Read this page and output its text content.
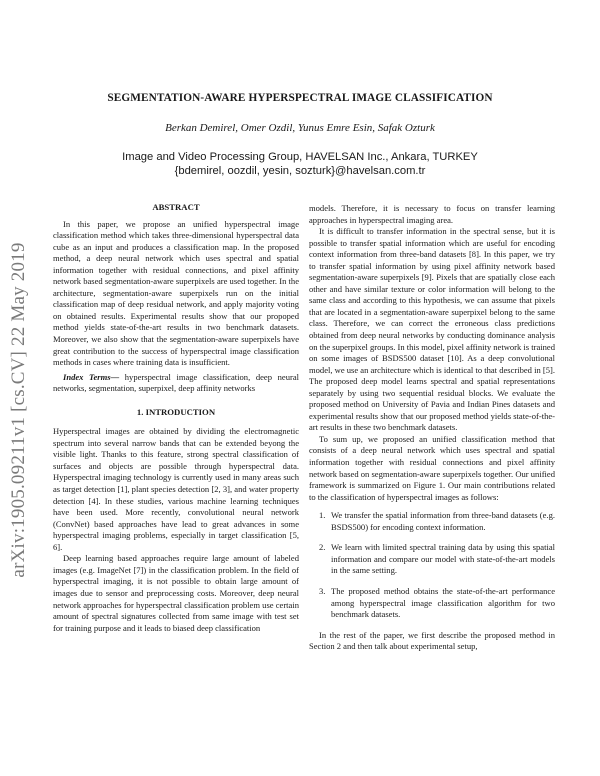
arXiv:1905.09211v1 [cs.CV] 22 May 2019
SEGMENTATION-AWARE HYPERSPECTRAL IMAGE CLASSIFICATION
Berkan Demirel, Omer Ozdil, Yunus Emre Esin, Safak Ozturk
Image and Video Processing Group, HAVELSAN Inc., Ankara, TURKEY
{bdemirel, oozdil, yesin, sozturk}@havelsan.com.tr

ABSTRACT

In this paper, we propose an unified hyperspectral image classification method which takes three-dimensional hyperspectral data cube as an input and produces a classification map. In the proposed method, a deep neural network which uses spectral and spatial information together with residual connections, and pixel affinity network based segmentation-aware superpixels are used together. In the architecture, segmentation-aware superpixels run on the initial classification map of deep residual network, and apply majority voting on obtained results. Experimental results show that our propoped method yields state-of-the-art results in two benchmark datasets. Moreover, we also show that the segmentation-aware superpixels have great contribution to the success of hyperspectral image classification methods in cases where training data is insufficient.

Index Terms— hyperspectral image classification, deep neural networks, segmentation, superpixel, deep affinity networks

1. INTRODUCTION

Hyperspectral images are obtained by dividing the electromagnetic spectrum into several narrow bands that can be extended beyong the visible light. Thanks to this feature, strong spectral classification of surfaces and objects are possible through hyperspectral data. Hyperspectral imaging technology is currently used in many areas such as target detection [1], plant species detection [2, 3], and water property detection [4]. In these studies, various machine learning techniques have been used. More recently, convolutional neural network (ConvNet) based approaches have lead to great advances in some hyperspectral imaging problems, especially in target classification [5, 6].

Deep learning based approaches require large amount of labeled images (e.g. ImageNet [7]) in the classification problem. In the field of hyperspectral imaging, it is not possible to obtain large amount of images due to sensor and preprocessing costs. Moreover, deep neural network approaches for hyperspectral classification problem use certain amount of spectral signatures collected from same image with test set for training purpose and it leads to biased deep classification

models. Therefore, it is necessary to focus on transfer learning approaches in hyperspectral imaging area.

It is difficult to transfer information in the spectral sense, but it is possible to transfer spatial information which are useful for encoding context information from three-band datasets [8]. In this paper, we try to transfer spatial information by using pixel affinity network based segmentation-aware superpixels [9]. Pixels that are spatially close each other and have similar texture or color information will belong to the same class and according to this hypothesis, we can assume that pixels that are located in a segmentation-aware superpixel belong to the same class. Therefore, we can correct the erroneous class predictions obtained from deep neural networks by conducting dominance analysis on the superpixel groups. In this model, pixel affinity network is trained on some images of BSDS500 dataset [10]. As a deep convolutional model, we use an architecture which is identical to that described in [5]. The proposed deep model learns spectral and spatial representations separately by using two sequential residual blocks. We evaluate the proposed method on University of Pavia and Indian Pines datasets and experimental results show that our proposed method yields state-of-the-art results in these two benchmark datasets.

To sum up, we proposed an unified classification method that consists of a deep neural network which uses spectral and spatial information together with residual connections and pixel affinity network based on segmentation-aware superpixels together. Our unified framework is summarized on Figure 1. Our main contributions related to the classification of hyperspectral images as follows:

1. We transfer the spatial information from three-band datasets (e.g. BSDS500) for encoding context information.
2. We learn with limited spectral training data by using this spatial information and compare our model with state-of-the-art models in the same setting.
3. The proposed method obtains the state-of-the-art performance among hyperspectral image classification algorithm for two benchmark datasets.

In the rest of the paper, we first describe the proposed method in Section 2 and then talk about experimental setup,
